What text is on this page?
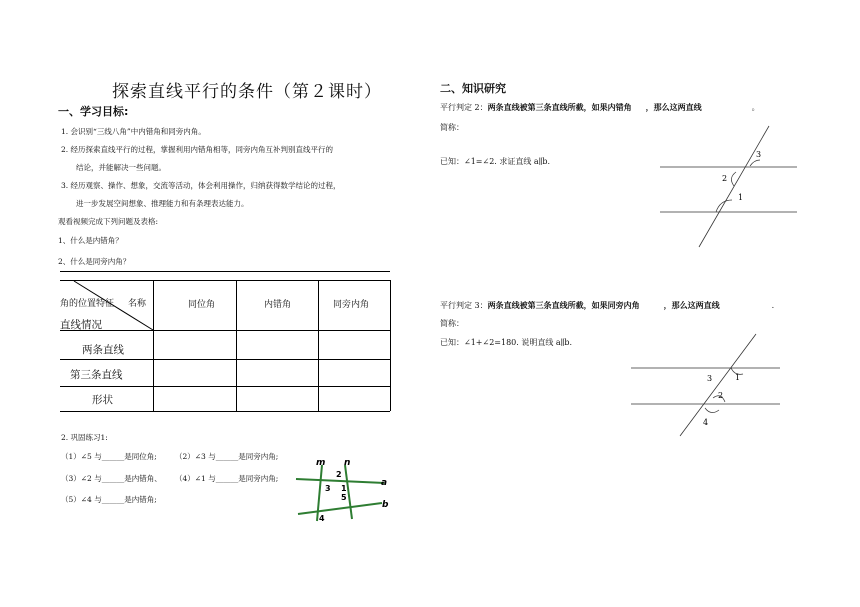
探索直线平行的条件（第２课时）
一、学习目标:
1. 会识别“三线八角”中内错角和同旁内角。
2. 经历探索直线平行的过程，掌握利用内错角相等，同旁内角互补判别直线平行的
结论，并能解决一些问题。
3. 经历观察、操作、想象，交流等活动，体会利用操作，归纳获得数学结论的过程，
进一步发展空间想象、推理能力和有条理表达能力。
观看视频完成下列问题及表格:
1、什么是内错角？
2、什么是同旁内角？
角的位置特征 名称
直线情况
同位角	内错角	同旁内角
两条直线
第三条直线
形状
2. 巩固练习1:
（1）∠5 与______是同位角; （2）∠3 与______是同旁内角;
（3）∠2 与______是内错角、 （4）∠1 与______是同旁内角;
（5）∠4 与______是内错角;
m n
a
b
2
3 1
5
4
二、知识研究
平行判定 2：两条直线被第三条直线所截，如果内错角 ，那么这两直线	。
简称：
已知：∠1=∠2. 求证直线 a∥b.
2
1
3
平行判定 3：两条直线被第三条直线所截，如果同旁内角	，那么这两直线	.
简称：
已知：∠1+∠2=180. 说明直线 a∥b.
1
2
3
4
